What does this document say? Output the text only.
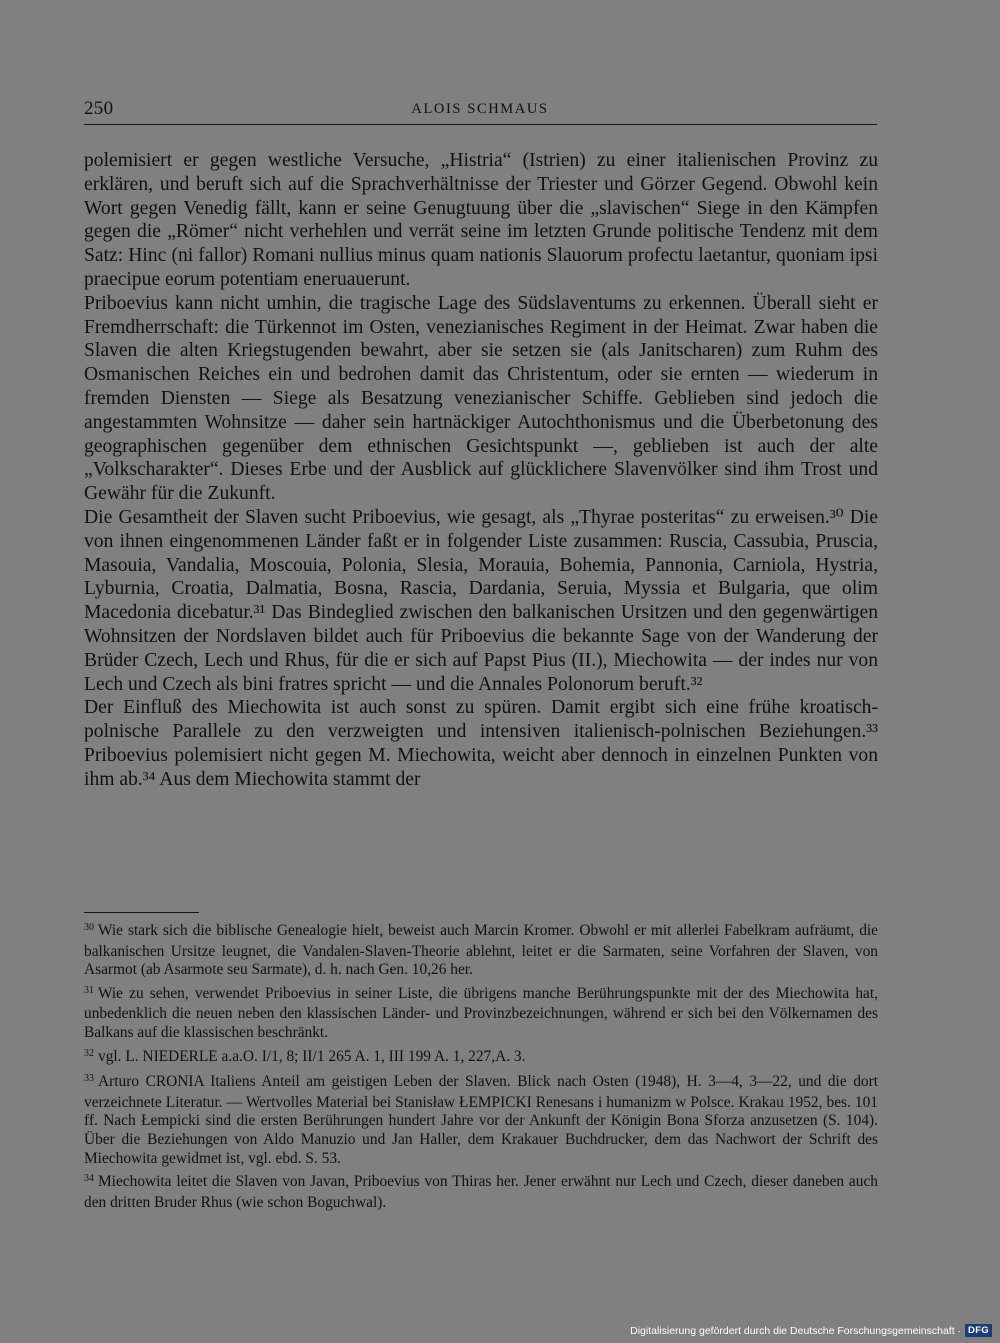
250	ALOIS SCHMAUS

polemisiert er gegen westliche Versuche, „Histria“ (Istrien) zu einer italienischen Provinz zu erklären, und beruft sich auf die Sprachverhältnisse der Triester und Görzer Gegend. Obwohl kein Wort gegen Venedig fällt, kann er seine Genugtuung über die „slavischen“ Siege in den Kämpfen gegen die „Römer“ nicht verhehlen und verrät seine im letzten Grunde politische Tendenz mit dem Satz: Hinc (ni fallor) Romani nullius minus quam nationis Slauorum profectu laetantur, quoniam ipsi praecipue eorum potentiam eneruauerunt.

Priboevius kann nicht umhin, die tragische Lage des Südslaventums zu erkennen. Überall sieht er Fremdherrschaft: die Türkennot im Osten, venezianisches Regiment in der Heimat. Zwar haben die Slaven die alten Kriegstugenden bewahrt, aber sie setzen sie (als Janitscharen) zum Ruhm des Osmanischen Reiches ein und bedrohen damit das Christentum, oder sie ernten — wiederum in fremden Diensten — Siege als Besatzung venezianischer Schiffe. Geblieben sind jedoch die angestammten Wohnsitze — daher sein hartnäckiger Autochthonismus und die Überbetonung des geographischen gegenüber dem ethnischen Gesichtspunkt —, geblieben ist auch der alte „Volkscharakter“. Dieses Erbe und der Ausblick auf glücklichere Slavenvölker sind ihm Trost und Gewähr für die Zukunft.

Die Gesamtheit der Slaven sucht Priboevius, wie gesagt, als „Thyrae posteritas“ zu erweisen.³⁰ Die von ihnen eingenommenen Länder faßt er in folgender Liste zusammen: Ruscia, Cassubia, Pruscia, Masouia, Vandalia, Moscouia, Polonia, Slesia, Morauia, Bohemia, Pannonia, Carniola, Hystria, Lyburnia, Croatia, Dalmatia, Bosna, Rascia, Dardania, Seruia, Myssia et Bulgaria, que olim Macedonia dicebatur.³¹ Das Bindeglied zwischen den balkanischen Ursitzen und den gegenwärtigen Wohnsitzen der Nordslaven bildet auch für Priboevius die bekannte Sage von der Wanderung der Brüder Czech, Lech und Rhus, für die er sich auf Papst Pius (II.), Miechowita — der indes nur von Lech und Czech als bini fratres spricht — und die Annales Polonorum beruft.³²

Der Einfluß des Miechowita ist auch sonst zu spüren. Damit ergibt sich eine frühe kroatisch-polnische Parallele zu den verzweigten und intensiven italienisch-polnischen Beziehungen.³³ Priboevius polemisiert nicht gegen M. Miechowita, weicht aber dennoch in einzelnen Punkten von ihm ab.³⁴ Aus dem Miechowita stammt der

$^{30}$ Wie stark sich die biblische Genealogie hielt, beweist auch Marcin Kromer. Obwohl er mit allerlei Fabelkram aufräumt, die balkanischen Ursitze leugnet, die Vandalen-Slaven-Theorie ablehnt, leitet er die Sarmaten, seine Vorfahren der Slaven, von Asarmot (ab Asarmote seu Sarmate), d. h. nach Gen. 10,26 her.

$^{31}$ Wie zu sehen, verwendet Priboevius in seiner Liste, die übrigens manche Berührungspunkte mit der des Miechowita hat, unbedenklich die neuen neben den klassischen Länder- und Provinzbezeichnungen, während er sich bei den Völkernamen des Balkans auf die klassischen beschränkt.

$^{32}$ vgl. L. NIEDERLE a.a.O. I/1, 8; II/1 265 A. 1, III 199 A. 1, 227,A. 3.

$^{33}$ Arturo CRONIA Italiens Anteil am geistigen Leben der Slaven. Blick nach Osten (1948), H. 3—4, 3—22, und die dort verzeichnete Literatur. — Wertvolles Material bei Stanisław ŁEMPICKI Renesans i humanizm w Polsce. Krakau 1952, bes. 101 ff. Nach Łempicki sind die ersten Berührungen hundert Jahre vor der Ankunft der Königin Bona Sforza anzusetzen (S. 104). Über die Beziehungen von Aldo Manuzio und Jan Haller, dem Krakauer Buchdrucker, dem das Nachwort der Schrift des Miechowita gewidmet ist, vgl. ebd. S. 53.

$^{34}$ Miechowita leitet die Slaven von Javan, Priboevius von Thiras her. Jener erwähnt nur Lech und Czech, dieser daneben auch den dritten Bruder Rhus (wie schon Boguchwal).

Digitalisierung gefördert durch die Deutsche Forschungsgemeinschaft · DFG
